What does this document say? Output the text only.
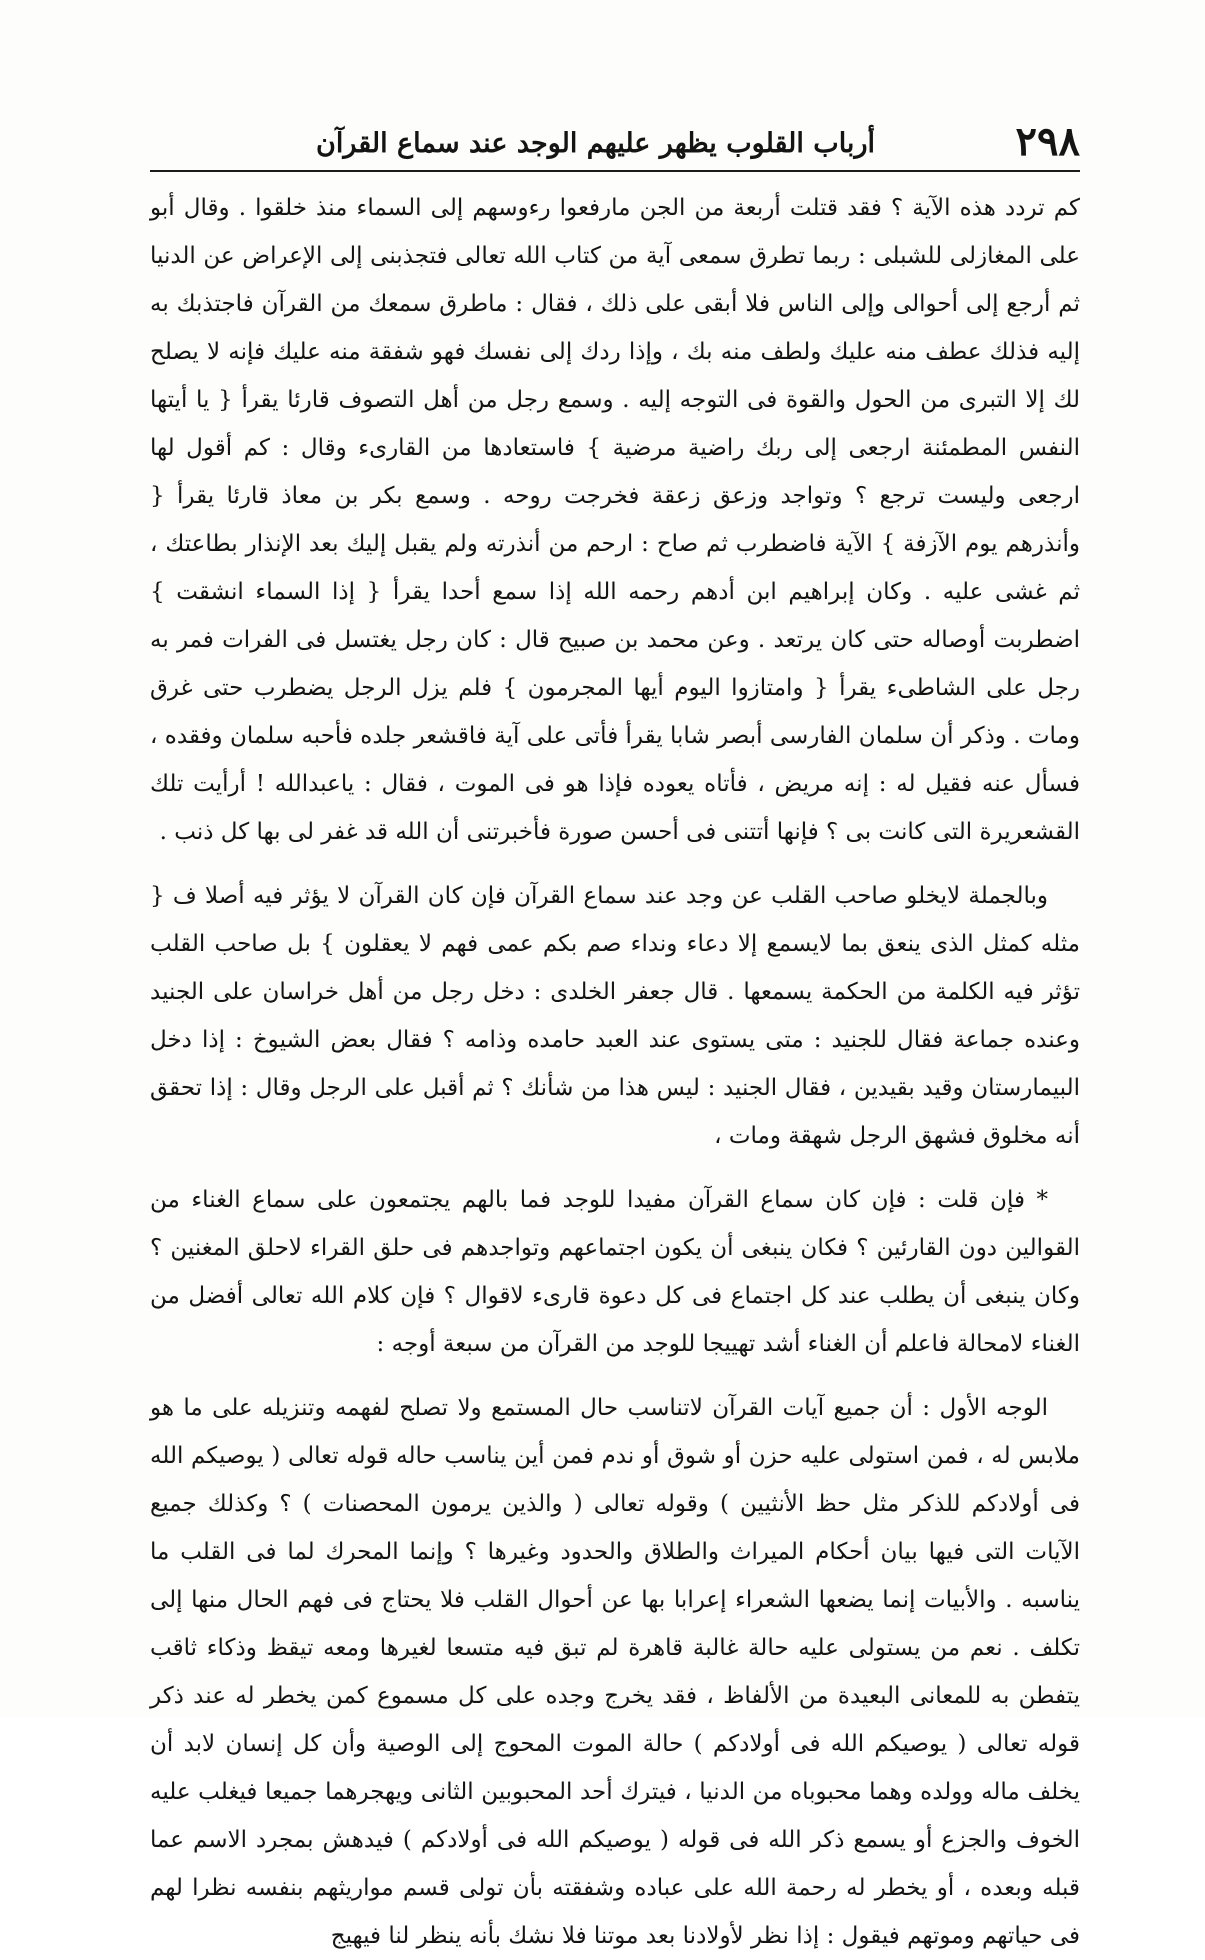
٢٩٨
أرباب القلوب يظهر عليهم الوجد عند سماع القرآن

كم تردد هذه الآية ؟ فقد قتلت أربعة من الجن مارفعوا رءوسهم إلى السماء منذ خلقوا . وقال أبو على المغازلى للشبلى : ربما تطرق سمعى آية من كتاب الله تعالى فتجذبنى إلى الإعراض عن الدنيا ثم أرجع إلى أحوالى وإلى الناس فلا أبقى على ذلك ، فقال : ماطرق سمعك من القرآن فاجتذبك به إليه فذلك عطف منه عليك ولطف منه بك ، وإذا ردك إلى نفسك فهو شفقة منه عليك فإنه لا يصلح لك إلا التبرى من الحول والقوة فى التوجه إليه . وسمع رجل من أهل التصوف قارئا يقرأ { يا أيتها النفس المطمئنة ارجعى إلى ربك راضية مرضية } فاستعادها من القارىء وقال : كم أقول لها ارجعى وليست ترجع ؟ وتواجد وزعق زعقة فخرجت روحه . وسمع بكر بن معاذ قارئا يقرأ { وأنذرهم يوم الآزفة } الآية فاضطرب ثم صاح : ارحم من أنذرته ولم يقبل إليك بعد الإنذار بطاعتك ، ثم غشى عليه . وكان إبراهيم ابن أدهم رحمه الله إذا سمع أحدا يقرأ { إذا السماء انشقت } اضطربت أوصاله حتى كان يرتعد . وعن محمد بن صبيح قال : كان رجل يغتسل فى الفرات فمر به رجل على الشاطىء يقرأ { وامتازوا اليوم أيها المجرمون } فلم يزل الرجل يضطرب حتى غرق ومات . وذكر أن سلمان الفارسى أبصر شابا يقرأ فأتى على آية فاقشعر جلده فأحبه سلمان وفقده ، فسأل عنه فقيل له : إنه مريض ، فأتاه يعوده فإذا هو فى الموت ، فقال : ياعبدالله ! أرأيت تلك القشعريرة التى كانت بى ؟ فإنها أتتنى فى أحسن صورة فأخبرتنى أن الله قد غفر لى بها كل ذنب .

وبالجملة لايخلو صاحب القلب عن وجد عند سماع القرآن فإن كان القرآن لا يؤثر فيه أصلا ف { مثله كمثل الذى ينعق بما لايسمع إلا دعاء ونداء صم بكم عمى فهم لا يعقلون } بل صاحب القلب تؤثر فيه الكلمة من الحكمة يسمعها . قال جعفر الخلدى : دخل رجل من أهل خراسان على الجنيد وعنده جماعة فقال للجنيد : متى يستوى عند العبد حامده وذامه ؟ فقال بعض الشيوخ : إذا دخل البيمارستان وقيد بقيدين ، فقال الجنيد : ليس هذا من شأنك ؟ ثم أقبل على الرجل وقال : إذا تحقق أنه مخلوق فشهق الرجل شهقة ومات ،

* فإن قلت : فإن كان سماع القرآن مفيدا للوجد فما بالهم يجتمعون على سماع الغناء من القوالين دون القارئين ؟ فكان ينبغى أن يكون اجتماعهم وتواجدهم فى حلق القراء لاحلق المغنين ؟ وكان ينبغى أن يطلب عند كل اجتماع فى كل دعوة قارىء لاقوال ؟ فإن كلام الله تعالى أفضل من الغناء لامحالة فاعلم أن الغناء أشد تهييجا للوجد من القرآن من سبعة أوجه :

الوجه الأول : أن جميع آيات القرآن لاتناسب حال المستمع ولا تصلح لفهمه وتنزيله على ما هو ملابس له ، فمن استولى عليه حزن أو شوق أو ندم فمن أين يناسب حاله قوله تعالى ( يوصيكم الله فى أولادكم للذكر مثل حظ الأنثيين ) وقوله تعالى ( والذين يرمون المحصنات ) ؟ وكذلك جميع الآيات التى فيها بيان أحكام الميراث والطلاق والحدود وغيرها ؟ وإنما المحرك لما فى القلب ما يناسبه . والأبيات إنما يضعها الشعراء إعرابا بها عن أحوال القلب فلا يحتاج فى فهم الحال منها إلى تكلف . نعم من يستولى عليه حالة غالبة قاهرة لم تبق فيه متسعا لغيرها ومعه تيقظ وذكاء ثاقب يتفطن به للمعانى البعيدة من الألفاظ ، فقد يخرج وجده على كل مسموع كمن يخطر له عند ذكر قوله تعالى ( يوصيكم الله فى أولادكم ) حالة الموت المحوج إلى الوصية وأن كل إنسان لابد أن يخلف ماله وولده وهما محبوباه من الدنيا ، فيترك أحد المحبوبين الثانى ويهجرهما جميعا فيغلب عليه الخوف والجزع أو يسمع ذكر الله فى قوله ( يوصيكم الله فى أولادكم ) فيدهش بمجرد الاسم عما قبله وبعده ، أو يخطر له رحمة الله على عباده وشفقته بأن تولى قسم مواريثهم بنفسه نظرا لهم فى حياتهم وموتهم فيقول : إذا نظر لأولادنا بعد موتنا فلا نشك بأنه ينظر لنا فيهيج
